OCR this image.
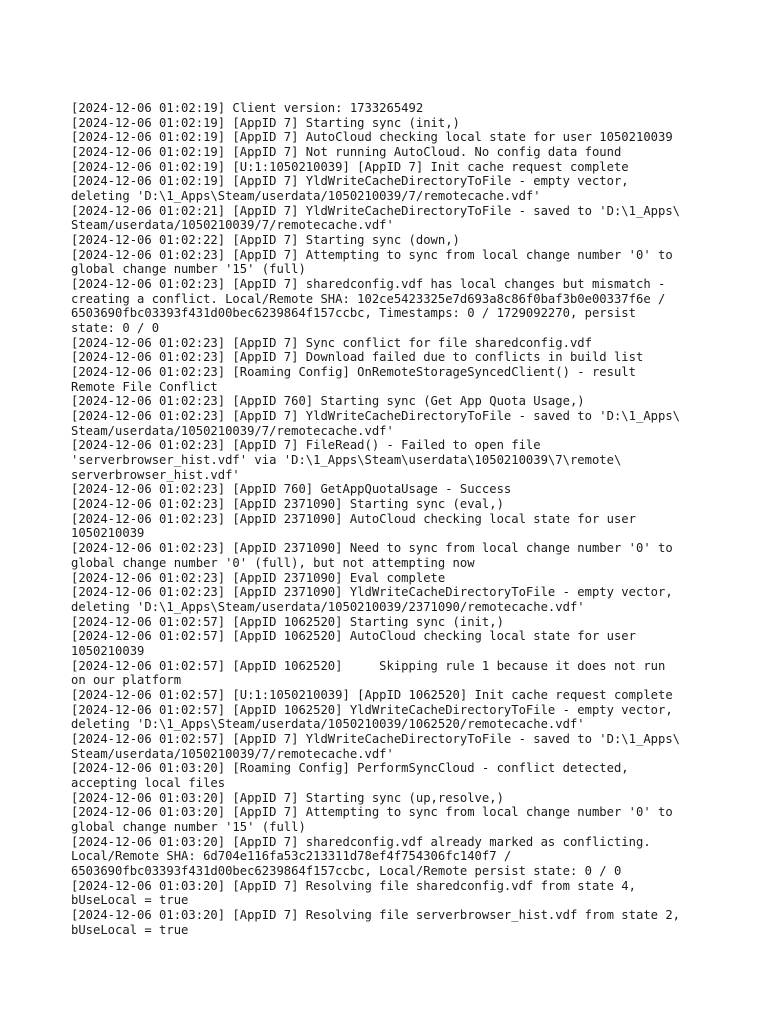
[2024-12-06 01:02:19] Client version: 1733265492
[2024-12-06 01:02:19] [AppID 7] Starting sync (init,)
[2024-12-06 01:02:19] [AppID 7] AutoCloud checking local state for user 1050210039
[2024-12-06 01:02:19] [AppID 7] Not running AutoCloud. No config data found
[2024-12-06 01:02:19] [U:1:1050210039] [AppID 7] Init cache request complete
[2024-12-06 01:02:19] [AppID 7] YldWriteCacheDirectoryToFile - empty vector,
deleting 'D:\1_Apps\Steam/userdata/1050210039/7/remotecache.vdf'
[2024-12-06 01:02:21] [AppID 7] YldWriteCacheDirectoryToFile - saved to 'D:\1_Apps\
Steam/userdata/1050210039/7/remotecache.vdf'
[2024-12-06 01:02:22] [AppID 7] Starting sync (down,)
[2024-12-06 01:02:23] [AppID 7] Attempting to sync from local change number '0' to
global change number '15' (full)
[2024-12-06 01:02:23] [AppID 7] sharedconfig.vdf has local changes but mismatch -
creating a conflict. Local/Remote SHA: 102ce5423325e7d693a8c86f0baf3b0e00337f6e /
6503690fbc03393f431d00bec6239864f157ccbc, Timestamps: 0 / 1729092270, persist
state: 0 / 0
[2024-12-06 01:02:23] [AppID 7] Sync conflict for file sharedconfig.vdf
[2024-12-06 01:02:23] [AppID 7] Download failed due to conflicts in build list
[2024-12-06 01:02:23] [Roaming Config] OnRemoteStorageSyncedClient() - result
Remote File Conflict
[2024-12-06 01:02:23] [AppID 760] Starting sync (Get App Quota Usage,)
[2024-12-06 01:02:23] [AppID 7] YldWriteCacheDirectoryToFile - saved to 'D:\1_Apps\
Steam/userdata/1050210039/7/remotecache.vdf'
[2024-12-06 01:02:23] [AppID 7] FileRead() - Failed to open file
'serverbrowser_hist.vdf' via 'D:\1_Apps\Steam\userdata\1050210039\7\remote\
serverbrowser_hist.vdf'
[2024-12-06 01:02:23] [AppID 760] GetAppQuotaUsage - Success
[2024-12-06 01:02:23] [AppID 2371090] Starting sync (eval,)
[2024-12-06 01:02:23] [AppID 2371090] AutoCloud checking local state for user
1050210039
[2024-12-06 01:02:23] [AppID 2371090] Need to sync from local change number '0' to
global change number '0' (full), but not attempting now
[2024-12-06 01:02:23] [AppID 2371090] Eval complete
[2024-12-06 01:02:23] [AppID 2371090] YldWriteCacheDirectoryToFile - empty vector,
deleting 'D:\1_Apps\Steam/userdata/1050210039/2371090/remotecache.vdf'
[2024-12-06 01:02:57] [AppID 1062520] Starting sync (init,)
[2024-12-06 01:02:57] [AppID 1062520] AutoCloud checking local state for user
1050210039
[2024-12-06 01:02:57] [AppID 1062520]     Skipping rule 1 because it does not run
on our platform
[2024-12-06 01:02:57] [U:1:1050210039] [AppID 1062520] Init cache request complete
[2024-12-06 01:02:57] [AppID 1062520] YldWriteCacheDirectoryToFile - empty vector,
deleting 'D:\1_Apps\Steam/userdata/1050210039/1062520/remotecache.vdf'
[2024-12-06 01:02:57] [AppID 7] YldWriteCacheDirectoryToFile - saved to 'D:\1_Apps\
Steam/userdata/1050210039/7/remotecache.vdf'
[2024-12-06 01:03:20] [Roaming Config] PerformSyncCloud - conflict detected,
accepting local files
[2024-12-06 01:03:20] [AppID 7] Starting sync (up,resolve,)
[2024-12-06 01:03:20] [AppID 7] Attempting to sync from local change number '0' to
global change number '15' (full)
[2024-12-06 01:03:20] [AppID 7] sharedconfig.vdf already marked as conflicting.
Local/Remote SHA: 6d704e116fa53c213311d78ef4f754306fc140f7 /
6503690fbc03393f431d00bec6239864f157ccbc, Local/Remote persist state: 0 / 0
[2024-12-06 01:03:20] [AppID 7] Resolving file sharedconfig.vdf from state 4,
bUseLocal = true
[2024-12-06 01:03:20] [AppID 7] Resolving file serverbrowser_hist.vdf from state 2,
bUseLocal = true
